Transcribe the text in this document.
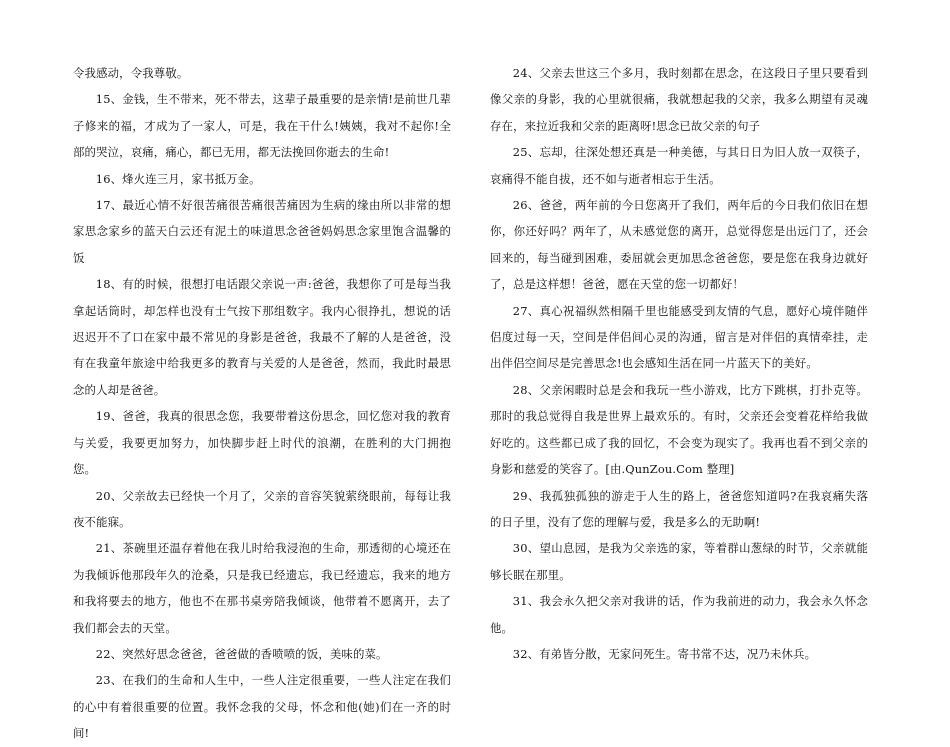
令我感动，令我尊敬。

15、金钱，生不带来，死不带去，这辈子最重要的是亲情!是前世几辈子修来的福，才成为了一家人，可是，我在干什么!姨姨，我对不起你!全部的哭泣，哀痛，痛心，都已无用，都无法挽回你逝去的生命!

16、烽火连三月，家书抵万金。

17、最近心情不好很苦痛很苦痛很苦痛因为生病的缘由所以非常的想家思念家乡的蓝天白云还有泥土的味道思念爸爸妈妈思念家里饱含温馨的饭

18、有的时候，很想打电话跟父亲说一声:爸爸，我想你了可是每当我拿起话筒时，却怎样也没有士气按下那组数字。我内心很挣扎，想说的话迟迟开不了口在家中最不常见的身影是爸爸，我最不了解的人是爸爸，没有在我童年旅途中给我更多的教育与关爱的人是爸爸，然而，我此时最思念的人却是爸爸。

19、爸爸，我真的很思念您，我要带着这份思念，回忆您对我的教育与关爱，我要更加努力，加快脚步赶上时代的浪潮，在胜利的大门拥抱您。

20、父亲故去已经快一个月了，父亲的音容笑貌萦绕眼前，每每让我夜不能寐。

21、茶碗里还温存着他在我儿时给我浸泡的生命，那透彻的心境还在为我倾诉他那段年久的沧桑，只是我已经遗忘，我已经遗忘，我来的地方和我将要去的地方，他也不在那书桌旁陪我倾谈，他带着不愿离开，去了我们都会去的天堂。

22、突然好思念爸爸，爸爸做的香喷喷的饭，美味的菜。

23、在我们的生命和人生中，一些人注定很重要，一些人注定在我们的心中有着很重要的位置。我怀念我的父母，怀念和他(她)们在一齐的时间!

24、父亲去世这三个多月，我时刻都在思念，在这段日子里只要看到像父亲的身影，我的心里就很痛，我就想起我的父亲，我多么期望有灵魂存在，来拉近我和父亲的距离呀!思念已故父亲的句子

25、忘却，往深处想还真是一种美德，与其日日为旧人放一双筷子，哀痛得不能自拔，还不如与逝者相忘于生活。

26、爸爸，两年前的今日您离开了我们，两年后的今日我们依旧在想你，你还好吗？两年了，从未感觉您的离开，总觉得您是出远门了，还会回来的，每当碰到困难，委屈就会更加思念爸爸您，要是您在我身边就好了，总是这样想！爸爸，愿在天堂的您一切都好！

27、真心祝福纵然相隔千里也能感受到友情的气息，愿好心境伴随伴侣度过每一天，空间是伴侣间心灵的沟通，留言是对伴侣的真情牵挂，走出伴侣空间尽是完善思念!也会感知生活在同一片蓝天下的美好。

28、父亲闲暇时总是会和我玩一些小游戏，比方下跳棋，打扑克等。那时的我总觉得自我是世界上最欢乐的。有时，父亲还会变着花样给我做好吃的。这些都已成了我的回忆，不会变为现实了。我再也看不到父亲的身影和慈爱的笑容了。[由.QunZou.Com 整理]

29、我孤独孤独的游走于人生的路上，爸爸您知道吗?在我哀痛失落的日子里，没有了您的理解与爱，我是多么的无助啊!

30、望山息园，是我为父亲选的家，等着群山葱绿的时节，父亲就能够长眠在那里。

31、我会永久把父亲对我讲的话，作为我前进的动力，我会永久怀念他。

32、有弟皆分散，无家问死生。寄书常不达，况乃未休兵。
